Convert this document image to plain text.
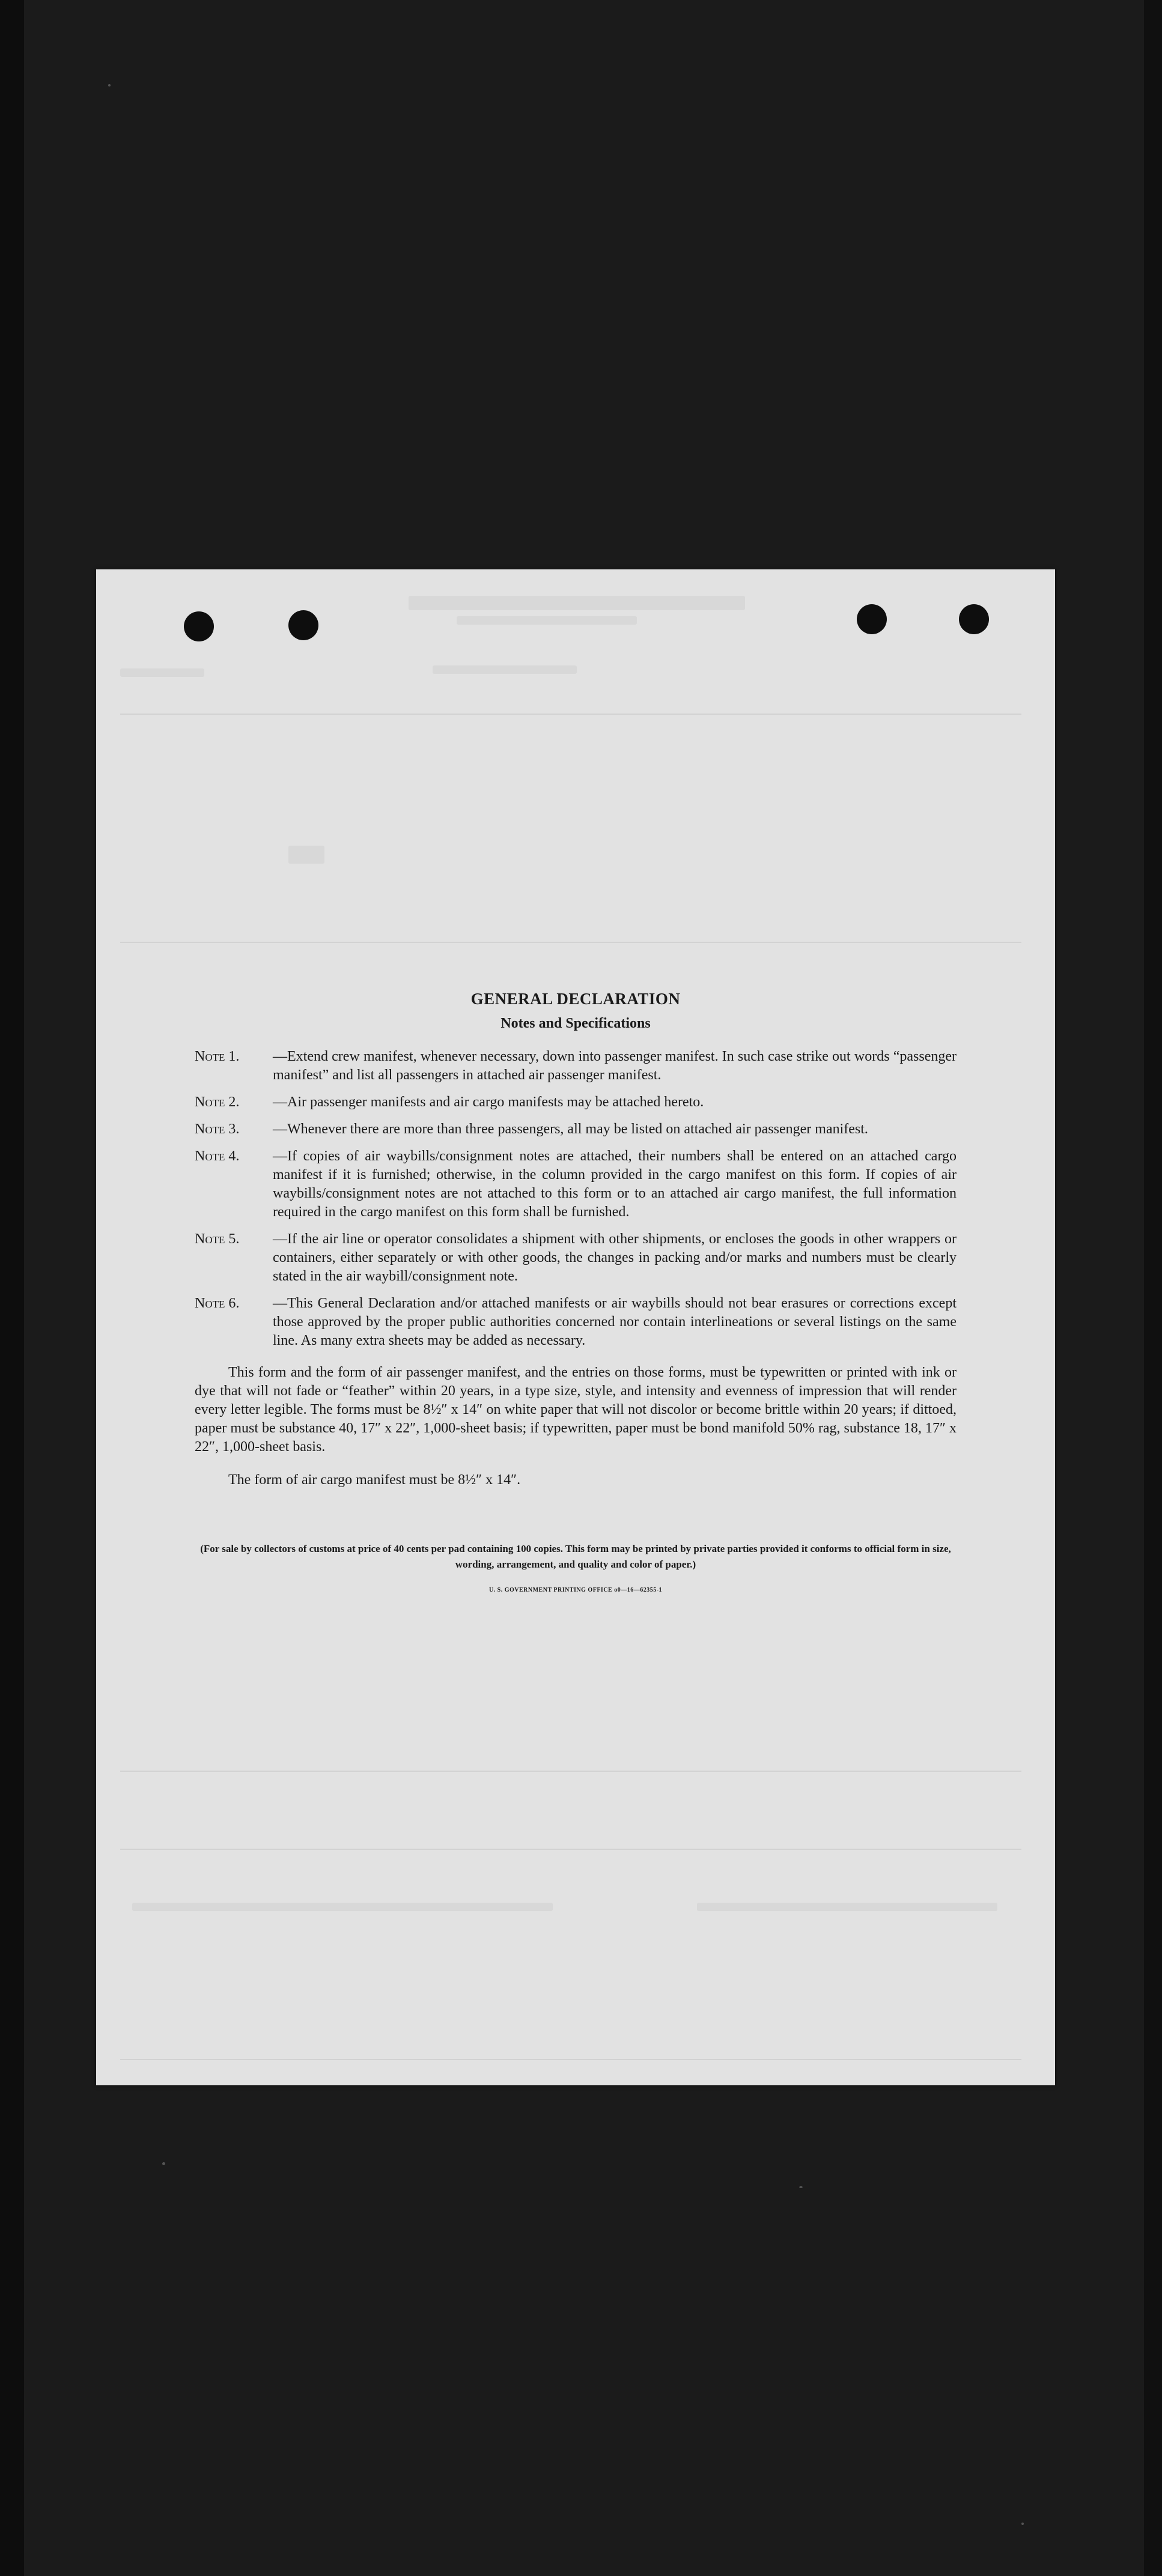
GENERAL DECLARATION
Notes and Specifications
Note 1.	—Extend crew manifest, whenever necessary, down into passenger manifest. In such case strike out words “passenger manifest” and list all passengers in attached air passenger manifest.
Note 2.	—Air passenger manifests and air cargo manifests may be attached hereto.
Note 3.	—Whenever there are more than three passengers, all may be listed on attached air passenger manifest.
Note 4.	—If copies of air waybills/consignment notes are attached, their numbers shall be entered on an attached cargo manifest if it is furnished; otherwise, in the column provided in the cargo manifest on this form. If copies of air waybills/consignment notes are not attached to this form or to an attached air cargo manifest, the full information required in the cargo manifest on this form shall be furnished.
Note 5.	—If the air line or operator consolidates a shipment with other shipments, or encloses the goods in other wrappers or containers, either separately or with other goods, the changes in packing and/or marks and numbers must be clearly stated in the air waybill/consignment note.
Note 6.	—This General Declaration and/or attached manifests or air waybills should not bear erasures or corrections except those approved by the proper public authorities concerned nor contain interlineations or several listings on the same line. As many extra sheets may be added as necessary.

This form and the form of air passenger manifest, and the entries on those forms, must be typewritten or printed with ink or dye that will not fade or “feather” within 20 years, in a type size, style, and intensity and evenness of impression that will render every letter legible. The forms must be 8½″ x 14″ on white paper that will not discolor or become brittle within 20 years; if dittoed, paper must be substance 40, 17″ x 22″, 1,000-sheet basis; if typewritten, paper must be bond manifold 50% rag, substance 18, 17″ x 22″, 1,000-sheet basis.

The form of air cargo manifest must be 8½″ x 14″.

(For sale by collectors of customs at price of 40 cents per pad containing 100 copies. This form may be printed by private parties provided it conforms to official form in size, wording, arrangement, and quality and color of paper.)
U. S. GOVERNMENT PRINTING OFFICE o0—16—62355-1
